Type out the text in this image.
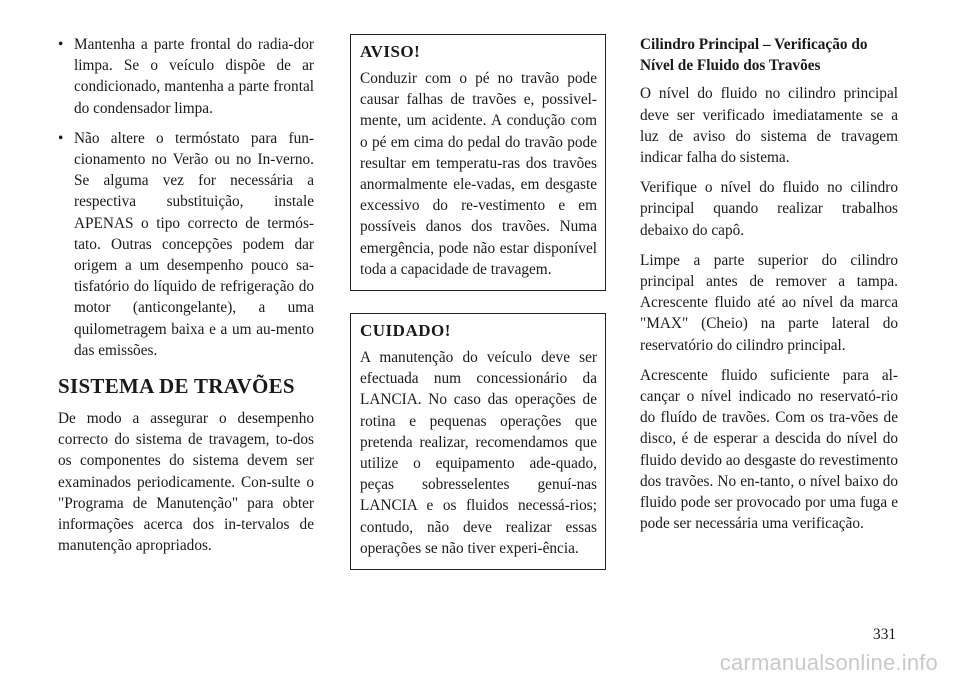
• Mantenha a parte frontal do radia-dor limpa. Se o veículo dispõe de ar condicionado, mantenha a parte frontal do condensador limpa.
• Não altere o termóstato para fun-cionamento no Verão ou no In-verno. Se alguma vez for necessária a respectiva substituição, instale APENAS o tipo correcto de termós-tato. Outras concepções podem dar origem a um desempenho pouco sa-tisfatório do líquido de refrigeração do motor (anticongelante), a uma quilometragem baixa e a um au-mento das emissões.
SISTEMA DE TRAVÕES

De modo a assegurar o desempenho correcto do sistema de travagem, to-dos os componentes do sistema devem ser examinados periodicamente. Con-sulte o "Programa de Manutenção" para obter informações acerca dos in-tervalos de manutenção apropriados.

AVISO!

Conduzir com o pé no travão pode causar falhas de travões e, possivel-mente, um acidente. A condução com o pé em cima do pedal do travão pode resultar em temperatu-ras dos travões anormalmente ele-vadas, em desgaste excessivo do re-vestimento e em possíveis danos dos travões. Numa emergência, pode não estar disponível toda a capacidade de travagem.

CUIDADO!

A manutenção do veículo deve ser efectuada num concessionário da LANCIA. No caso das operações de rotina e pequenas operações que pretenda realizar, recomendamos que utilize o equipamento ade-quado, peças sobresselentes genuí-nas LANCIA e os fluidos necessá-rios; contudo, não deve realizar essas operações se não tiver experi-ência.

Cilindro Principal – Verificação do Nível de Fluido dos Travões

O nível do fluido no cilindro principal deve ser verificado imediatamente se a luz de aviso do sistema de travagem indicar falha do sistema.

Verifique o nível do fluido no cilindro principal quando realizar trabalhos debaixo do capô.

Limpe a parte superior do cilindro principal antes de remover a tampa. Acrescente fluido até ao nível da marca "MAX" (Cheio) na parte lateral do reservatório do cilindro principal.

Acrescente fluido suficiente para al-cançar o nível indicado no reservató-rio do fluído de travões. Com os tra-vões de disco, é de esperar a descida do nível do fluido devido ao desgaste do revestimento dos travões. No en-tanto, o nível baixo do fluido pode ser provocado por uma fuga e pode ser necessária uma verificação.

331
carmanualsonline.info
